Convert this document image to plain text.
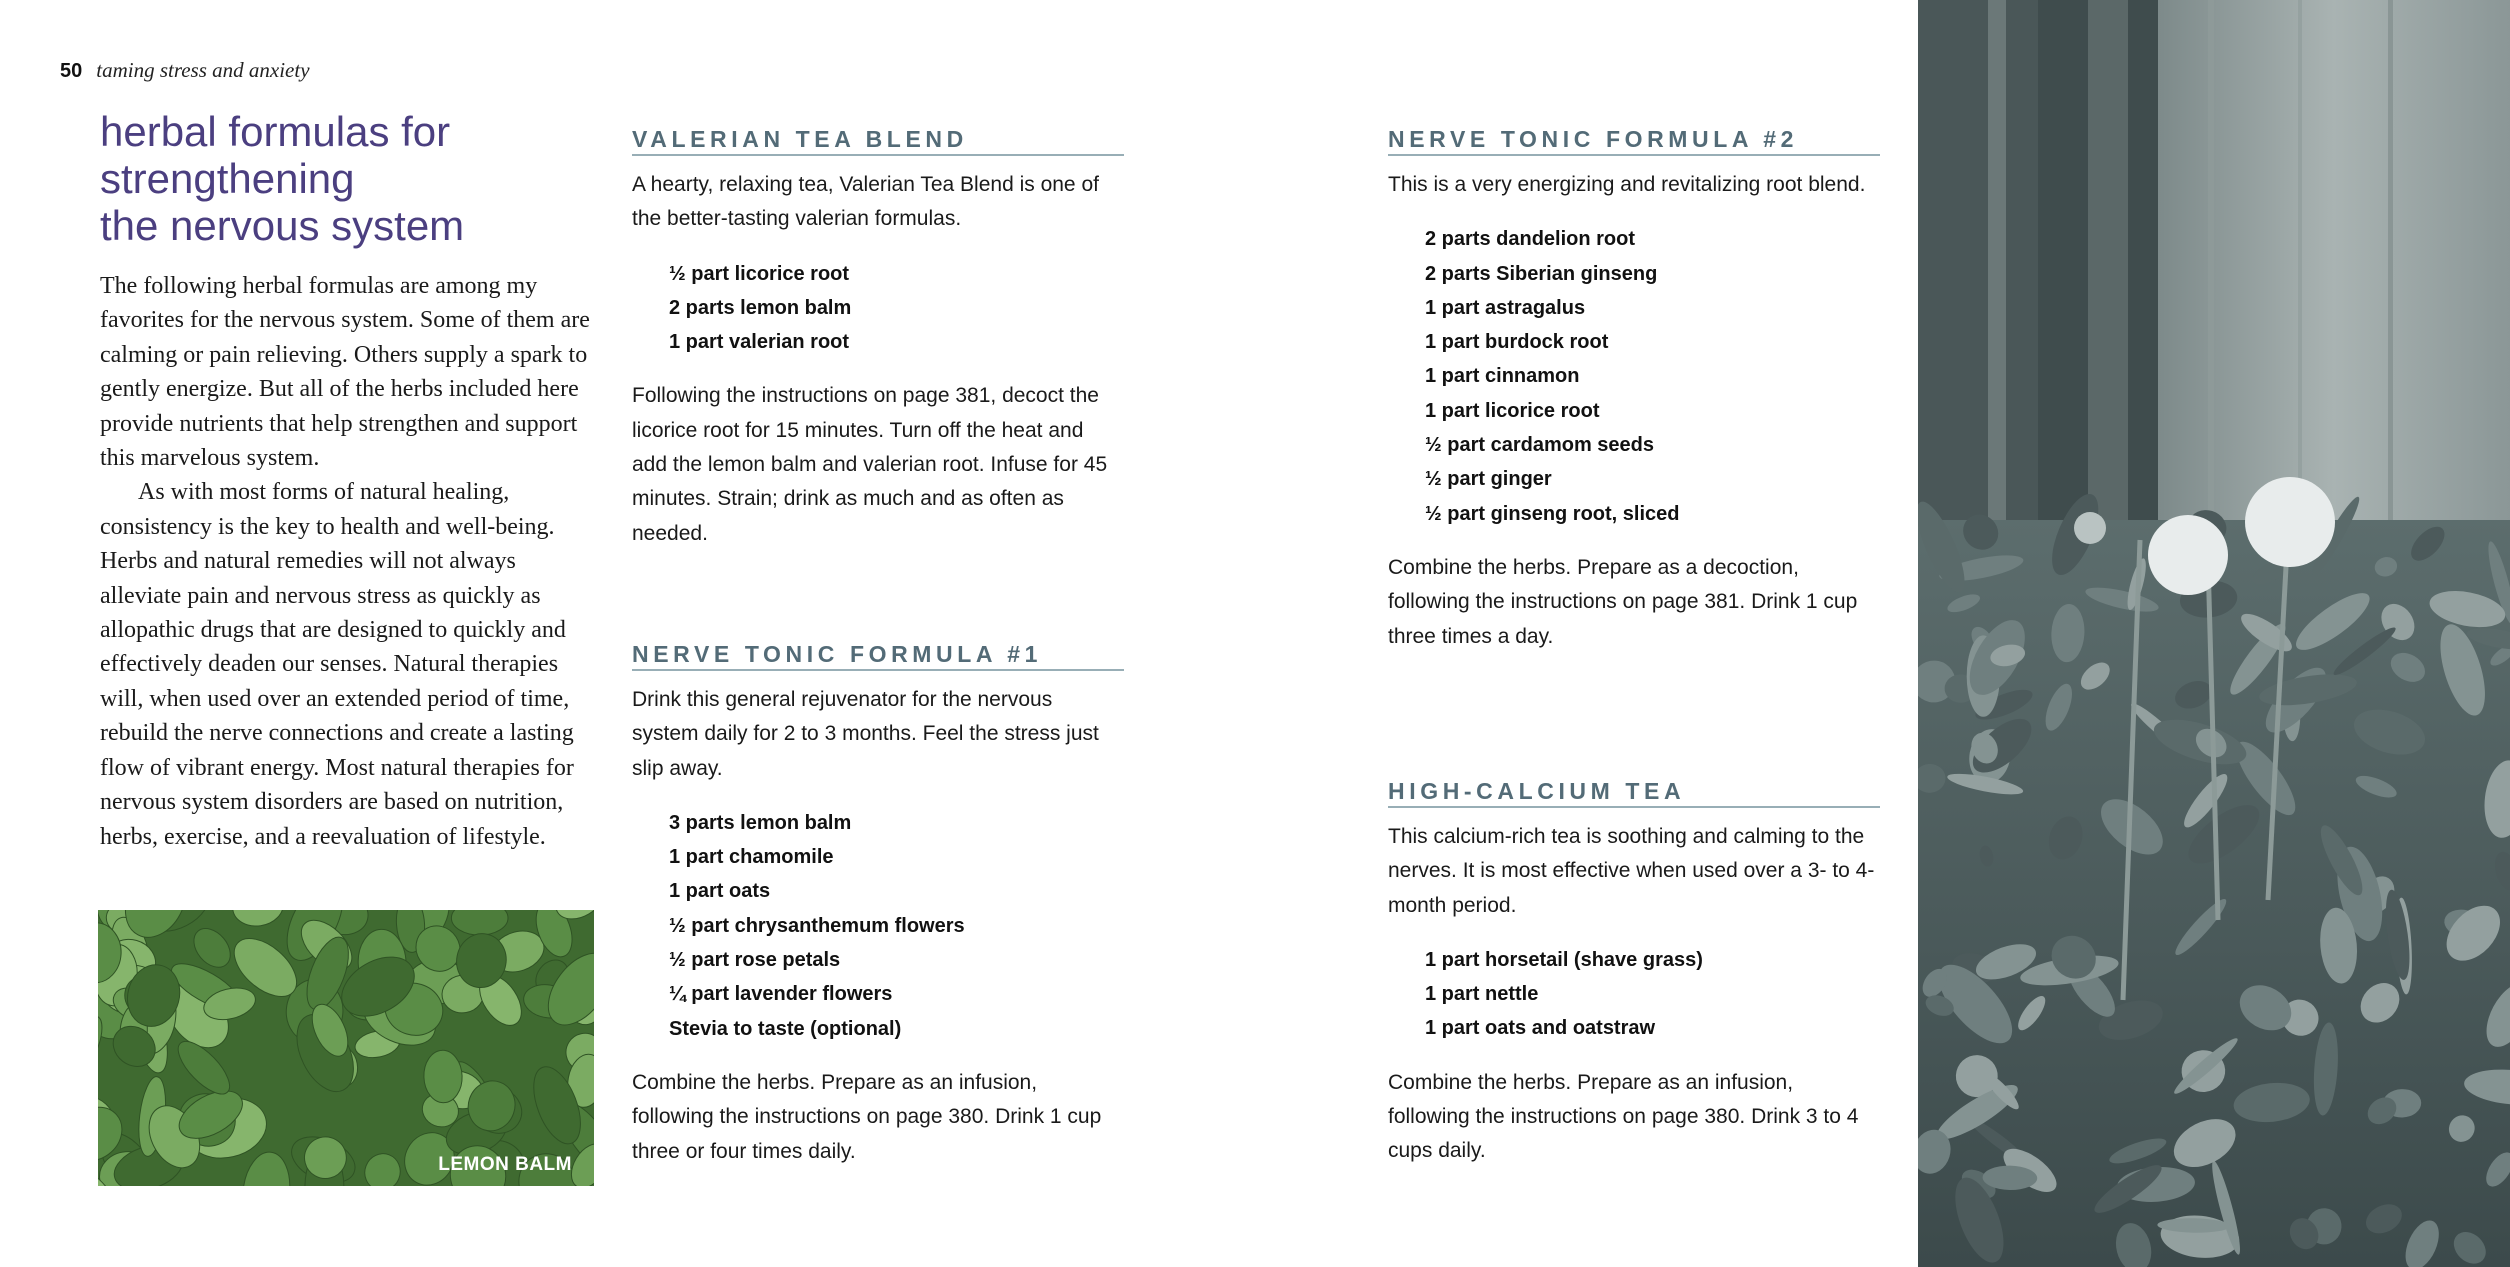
50 taming stress and anxiety
herbal formulas for
strengthening
the nervous system

The following herbal formulas are among my favorites for the nervous system. Some of them are calming or pain relieving. Others supply a spark to gently energize. But all of the herbs included here provide nutrients that help strengthen and support this marvelous system.

As with most forms of natural healing, consistency is the key to health and well-being. Herbs and natural remedies will not always alleviate pain and nervous stress as quickly as allopathic drugs that are designed to quickly and effectively deaden our senses. Natural therapies will, when used over an extended period of time, rebuild the nerve connections and create a lasting flow of vibrant energy. Most natural therapies for nervous system disorders are based on nutrition, herbs, exercise, and a reevaluation of lifestyle.

LEMON BALM
VALERIAN TEA BLEND

A hearty, relaxing tea, Valerian Tea Blend is one of the better-tasting valerian formulas.

½ part licorice root
2 parts lemon balm
1 part valerian root

Following the instructions on page 381, decoct the licorice root for 15 minutes. Turn off the heat and add the lemon balm and valerian root. Infuse for 45 minutes. Strain; drink as much and as often as needed.

NERVE TONIC FORMULA #1

Drink this general rejuvenator for the nervous system daily for 2 to 3 months. Feel the stress just slip away.

3 parts lemon balm
1 part chamomile
1 part oats
½ part chrysanthemum flowers
½ part rose petals
¼ part lavender flowers
Stevia to taste (optional)

Combine the herbs. Prepare as an infusion, following the instructions on page 380. Drink 1 cup three or four times daily.

NERVE TONIC FORMULA #2

This is a very energizing and revitalizing root blend.

2 parts dandelion root
2 parts Siberian ginseng
1 part astragalus
1 part burdock root
1 part cinnamon
1 part licorice root
½ part cardamom seeds
½ part ginger
½ part ginseng root, sliced

Combine the herbs. Prepare as a decoction, following the instructions on page 381. Drink 1 cup three times a day.

HIGH-CALCIUM TEA

This calcium-rich tea is soothing and calming to the nerves. It is most effective when used over a 3- to 4-month period.

1 part horsetail (shave grass)
1 part nettle
1 part oats and oatstraw

Combine the herbs. Prepare as an infusion, following the instructions on page 380. Drink 3 to 4 cups daily.
